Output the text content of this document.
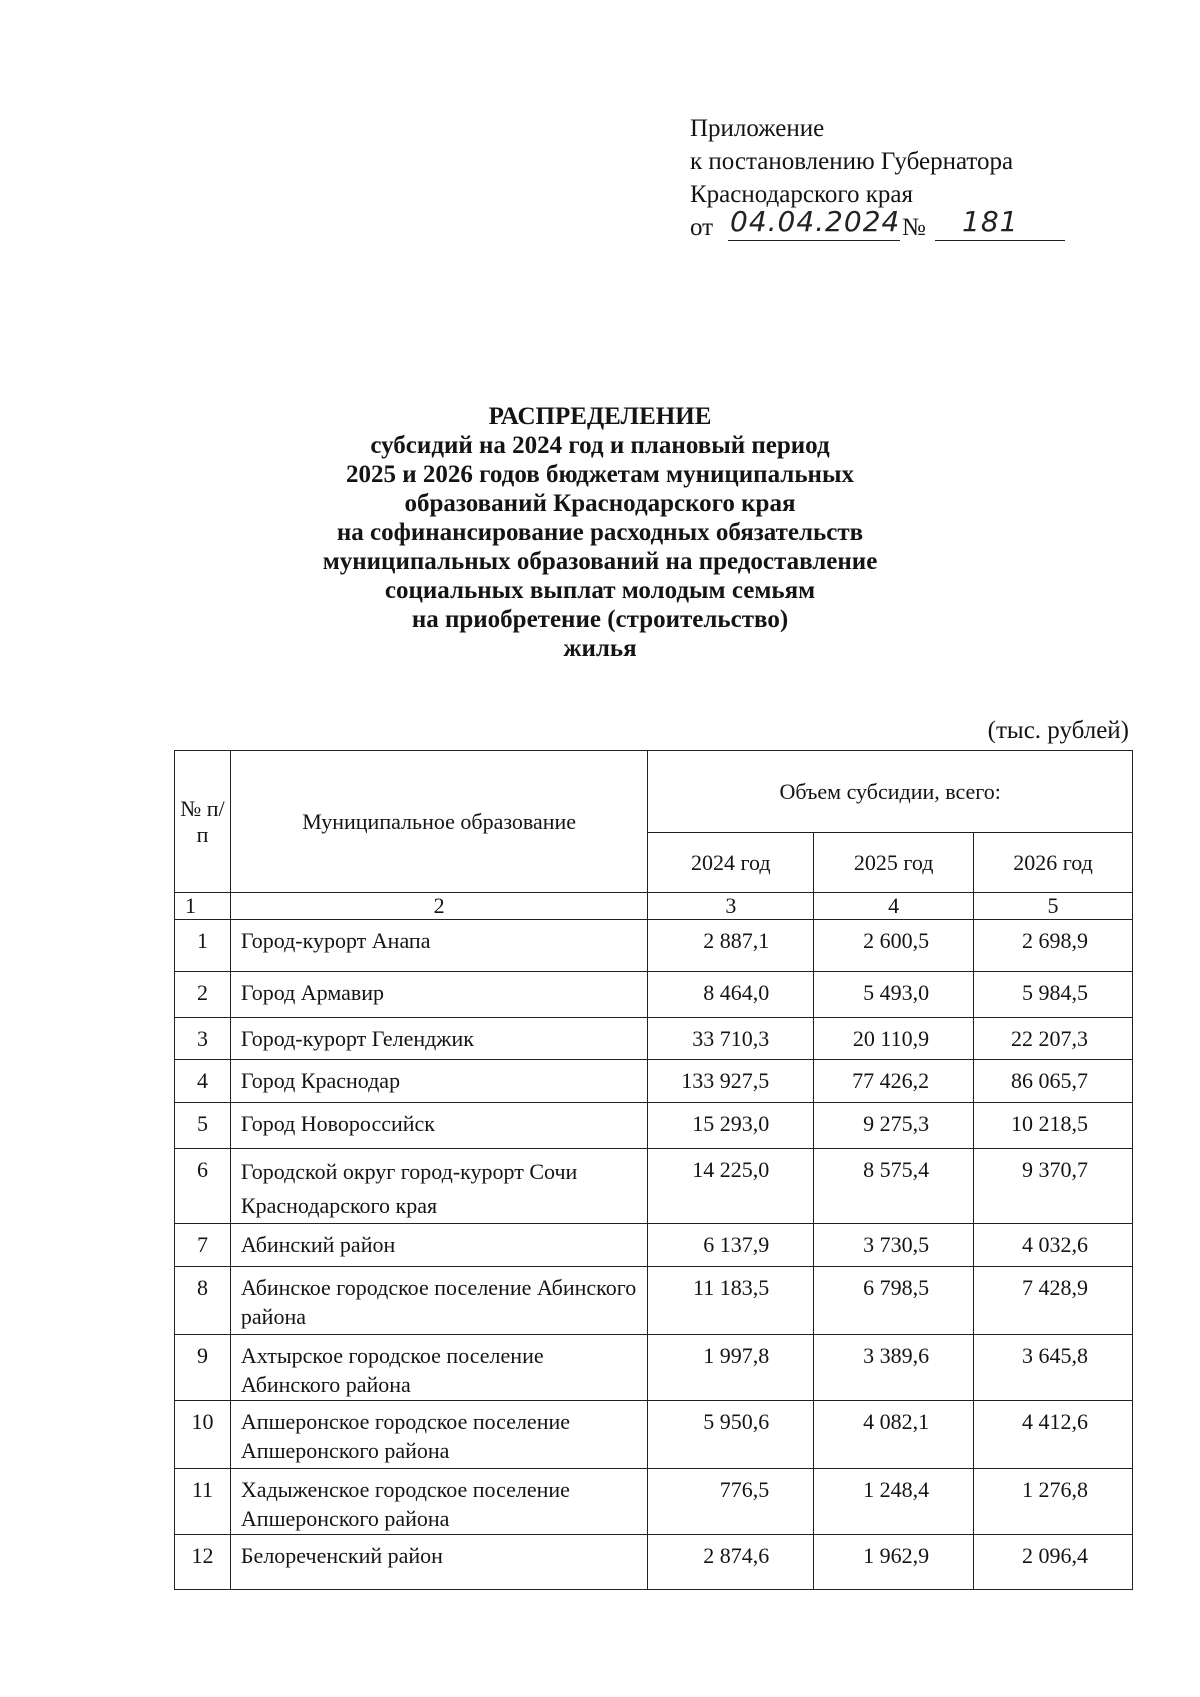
Приложение
к постановлению Губернатора
Краснодарского края
от 04.04.2024 № 181
РАСПРЕДЕЛЕНИЕ
субсидий на 2024 год и плановый период
2025 и 2026 годов бюджетам муниципальных
образований Краснодарского края
на софинансирование расходных обязательств
муниципальных образований на предоставление
социальных выплат молодым семьям
на приобретение (строительство)
жилья
(тыс. рублей)
№ п/п	Муниципальное образование	Объем субсидии, всего:		
		2024 год	2025 год	2026 год
1	2	3	4	5
1	Город-курорт Анапа	2 887,1	2 600,5	2 698,9
2	Город Армавир	8 464,0	5 493,0	5 984,5
3	Город-курорт Геленджик	33 710,3	20 110,9	22 207,3
4	Город Краснодар	133 927,5	77 426,2	86 065,7
5	Город Новороссийск	15 293,0	9 275,3	10 218,5
6	Городской округ город-курорт Сочи Краснодарского края	14 225,0	8 575,4	9 370,7
7	Абинский район	6 137,9	3 730,5	4 032,6
8	Абинское городское поселение Абинского района	11 183,5	6 798,5	7 428,9
9	Ахтырское городское поселение Абинского района	1 997,8	3 389,6	3 645,8
10	Апшеронское городское поселение Апшеронского района	5 950,6	4 082,1	4 412,6
11	Хадыженское городское поселение Апшеронского района	776,5	1 248,4	1 276,8
12	Белореченский район	2 874,6	1 962,9	2 096,4
